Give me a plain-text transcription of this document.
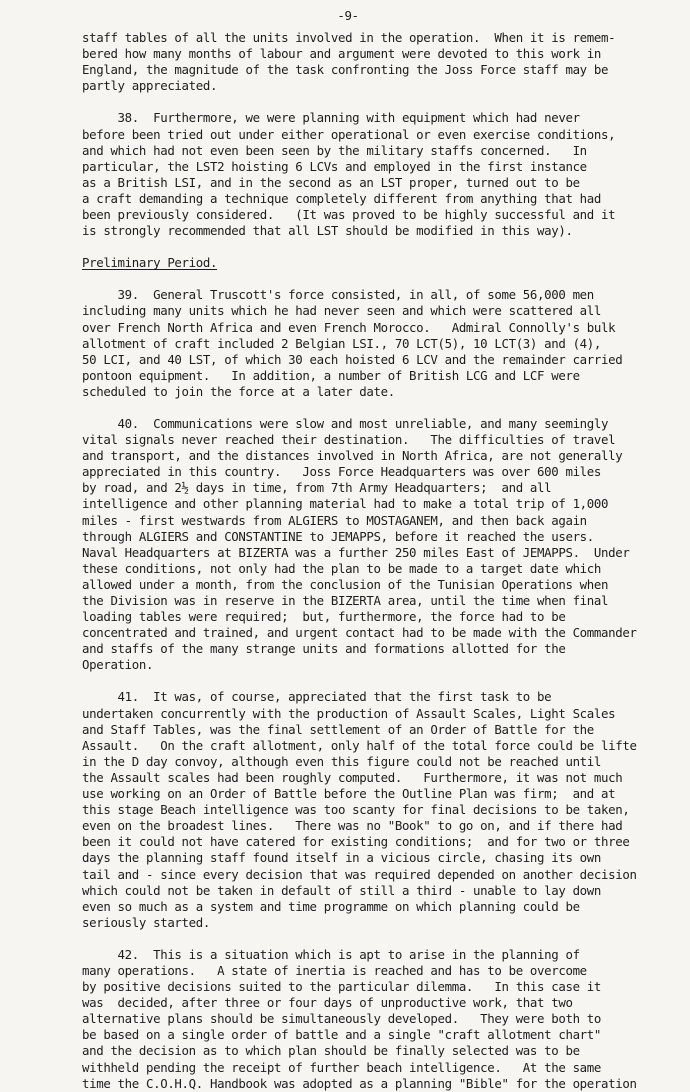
-9-
staff tables of all the units involved in the operation.  When it is remem-
bered how many months of labour and argument were devoted to this work in
England, the magnitude of the task confronting the Joss Force staff may be
partly appreciated.
38.  Furthermore, we were planning with equipment which had never
before been tried out under either operational or even exercise conditions,
and which had not even been seen by the military staffs concerned.   In
particular, the LST2 hoisting 6 LCVs and employed in the first instance
as a British LSI, and in the second as an LST proper, turned out to be
a craft demanding a technique completely different from anything that had
been previously considered.   (It was proved to be highly successful and it
is strongly recommended that all LST should be modified in this way).
Preliminary Period.
39.  General Truscott's force consisted, in all, of some 56,000 men
including many units which he had never seen and which were scattered all
over French North Africa and even French Morocco.   Admiral Connolly's bulk
allotment of craft included 2 Belgian LSI., 70 LCT(5), 10 LCT(3) and (4),
50 LCI, and 40 LST, of which 30 each hoisted 6 LCV and the remainder carried
pontoon equipment.   In addition, a number of British LCG and LCF were
scheduled to join the force at a later date.
40.  Communications were slow and most unreliable, and many seemingly
vital signals never reached their destination.   The difficulties of travel
and transport, and the distances involved in North Africa, are not generally
appreciated in this country.   Joss Force Headquarters was over 600 miles
by road, and 2½ days in time, from 7th Army Headquarters;  and all
intelligence and other planning material had to make a total trip of 1,000
miles - first westwards from ALGIERS to MOSTAGANEM, and then back again
through ALGIERS and CONSTANTINE to JEMAPPS, before it reached the users.
Naval Headquarters at BIZERTA was a further 250 miles East of JEMAPPS.  Under
these conditions, not only had the plan to be made to a target date which
allowed under a month, from the conclusion of the Tunisian Operations when
the Division was in reserve in the BIZERTA area, until the time when final
loading tables were required;  but, furthermore, the force had to be
concentrated and trained, and urgent contact had to be made with the Commander
and staffs of the many strange units and formations allotted for the
Operation.
41.  It was, of course, appreciated that the first task to be
undertaken concurrently with the production of Assault Scales, Light Scales
and Staff Tables, was the final settlement of an Order of Battle for the
Assault.   On the craft allotment, only half of the total force could be lifte
in the D day convoy, although even this figure could not be reached until
the Assault scales had been roughly computed.   Furthermore, it was not much
use working on an Order of Battle before the Outline Plan was firm;  and at
this stage Beach intelligence was too scanty for final decisions to be taken,
even on the broadest lines.   There was no "Book" to go on, and if there had
been it could not have catered for existing conditions;  and for two or three
days the planning staff found itself in a vicious circle, chasing its own
tail and - since every decision that was required depended on another decision
which could not be taken in default of still a third - unable to lay down
even so much as a system and time programme on which planning could be
seriously started.
42.  This is a situation which is apt to arise in the planning of
many operations.   A state of inertia is reached and has to be overcome
by positive decisions suited to the particular dilemma.   In this case it
was  decided, after three or four days of unproductive work, that two
alternative plans should be simultaneously developed.   They were both to
be based on a single order of battle and a single "craft allotment chart"
and the decision as to which plan should be finally selected was to be
withheld pending the receipt of further beach intelligence.   At the same
time the C.O.H.Q. Handbook was adopted as a planning "Bible" for the operation
